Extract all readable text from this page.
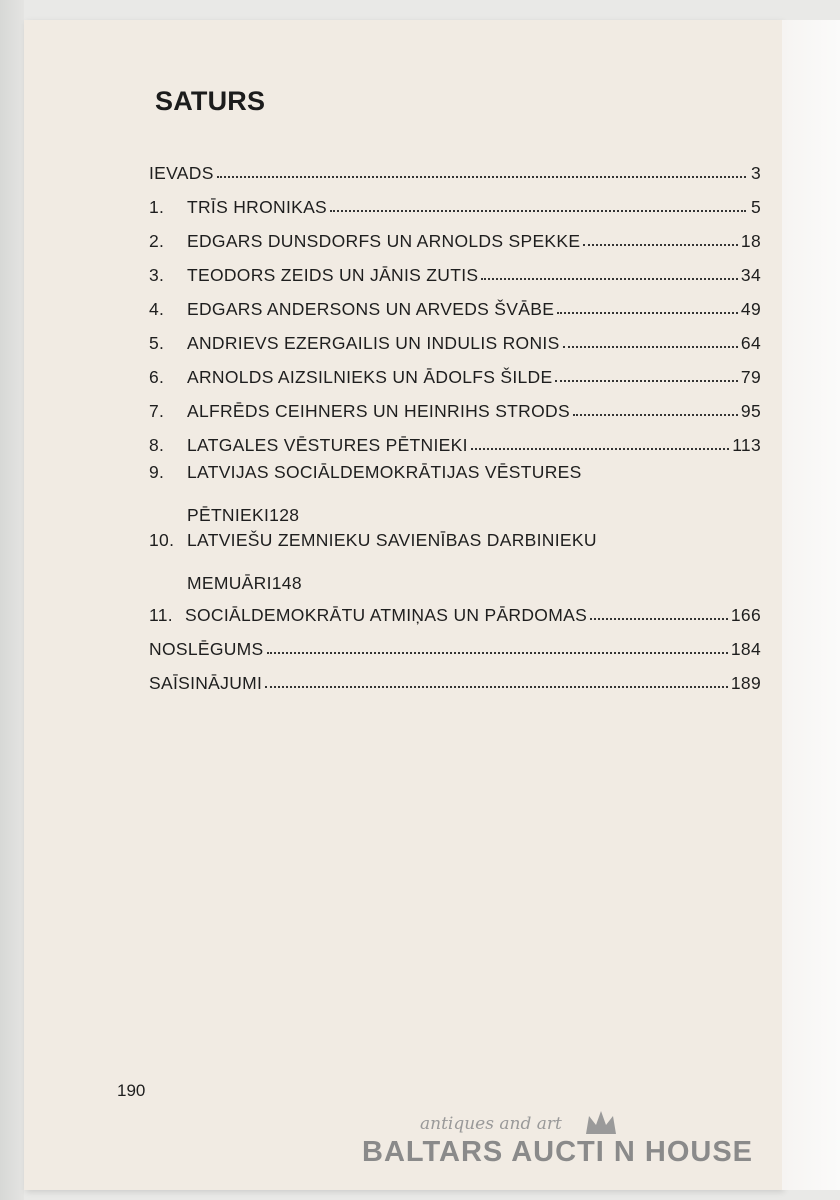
SATURS
IEVADS	3
1.	TRĪS HRONIKAS	5
2.	EDGARS DUNSDORFS UN ARNOLDS SPEKKE	18
3.	TEODORS ZEIDS UN JĀNIS ZUTIS	34
4.	EDGARS ANDERSONS UN ARVEDS ŠVĀBE	49
5.	ANDRIEVS EZERGAILIS UN INDULIS RONIS	64
6.	ARNOLDS AIZSILNIEKS UN ĀDOLFS ŠILDE	79
7.	ALFRĒDS CEIHNERS UN HEINRIHS STRODS	95
8.	LATGALES VĒSTURES PĒTNIEKI	113
9. LATVIJAS SOCIĀLDEMOKRĀTIJAS VĒSTURES
PĒTNIEKI 128
10. LATVIEŠU ZEMNIEKU SAVIENĪBAS DARBINIEKU
MEMUĀRI 148
11. SOCIĀLDEMOKRĀTU ATMIŅAS UN PĀRDOMAS	166
NOSLĒGUMS	184
SAĪSINĀJUMI	189
190
antiques and art
BALTARS AUCTI N HOUSE
